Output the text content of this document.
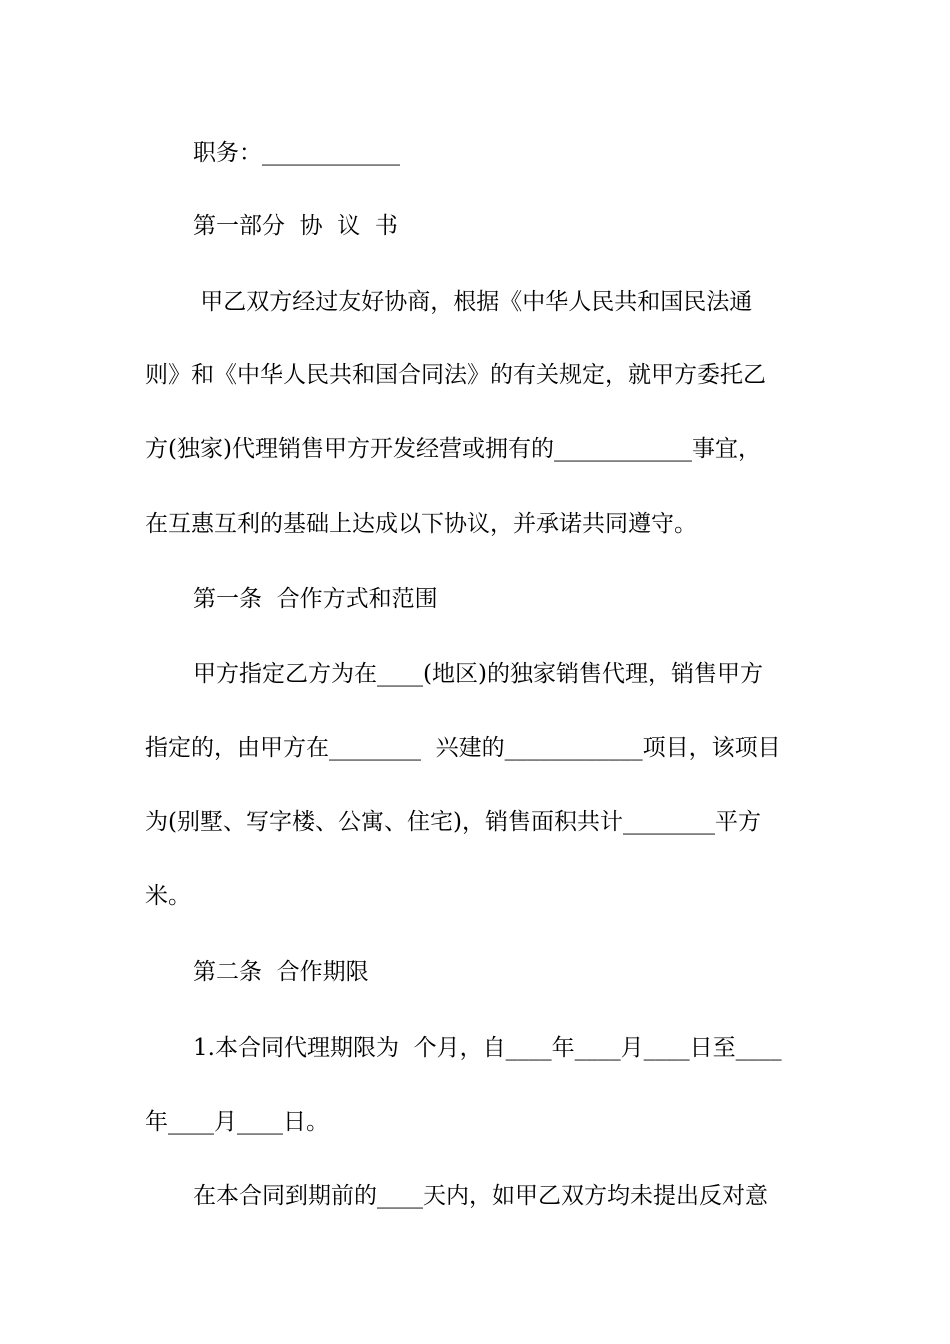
职务：____________
第一部分  协  议  书
甲乙双方经过友好协商，根据《中华人民共和国民法通
则》和《中华人民共和国合同法》的有关规定，就甲方委托乙
方(独家)代理销售甲方开发经营或拥有的____________事宜，
在互惠互利的基础上达成以下协议，并承诺共同遵守。
第一条  合作方式和范围
甲方指定乙方为在____(地区)的独家销售代理，销售甲方
指定的，由甲方在________  兴建的____________项目，该项目
为(别墅、写字楼、公寓、住宅)，销售面积共计________平方
米。
第二条  合作期限
1.本合同代理期限为  个月，自____年____月____日至____
年____月____日。
在本合同到期前的____天内，如甲乙双方均未提出反对意
